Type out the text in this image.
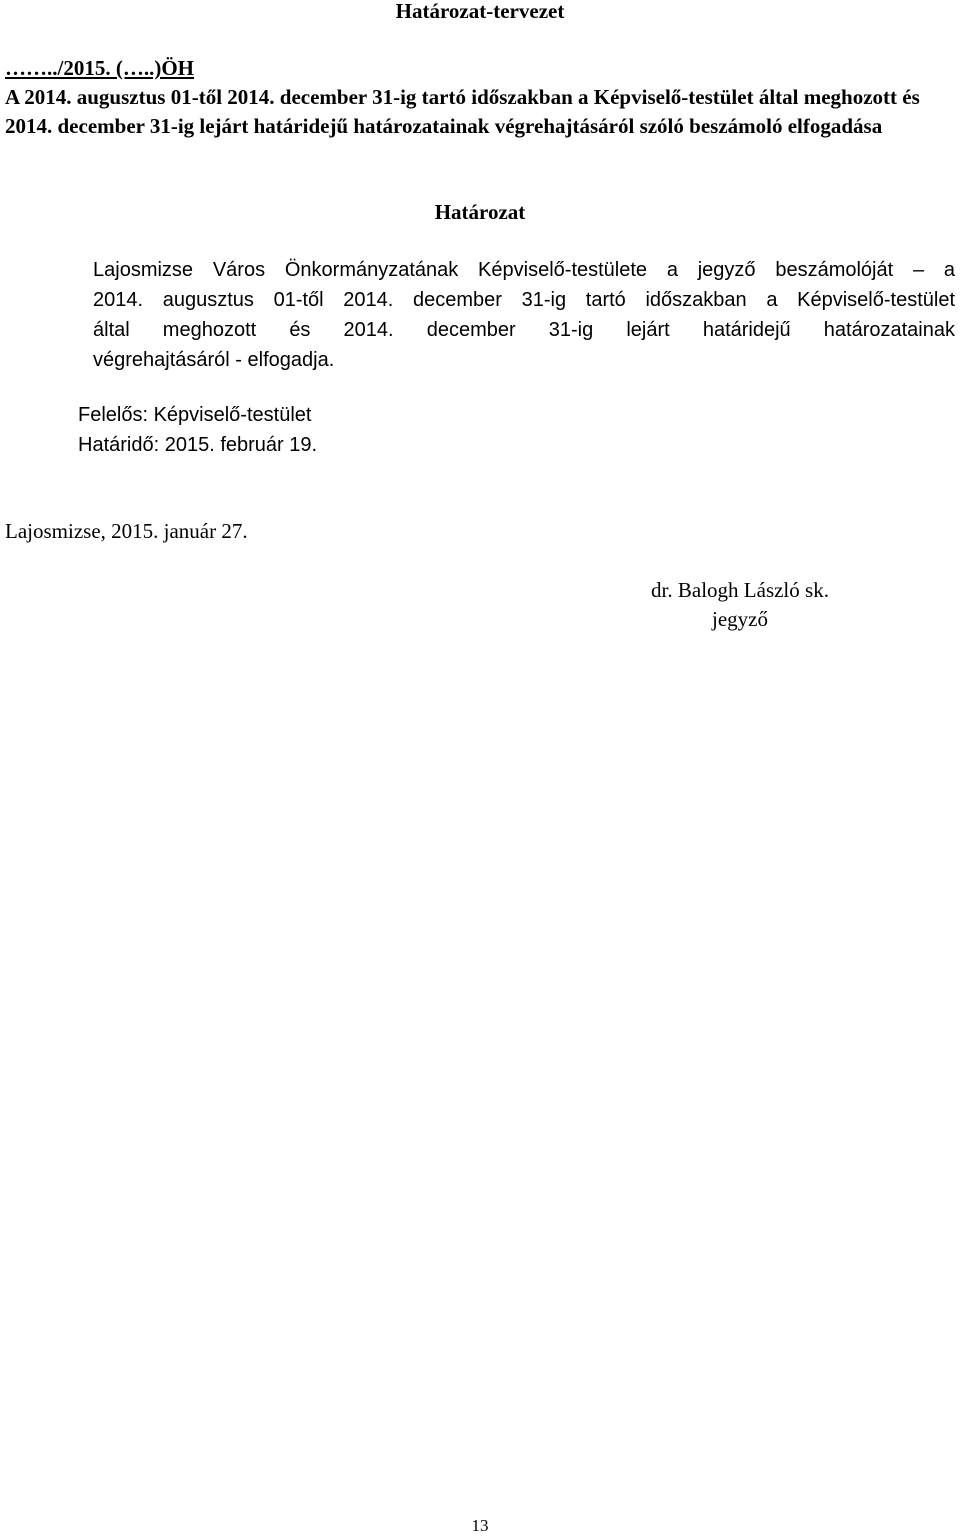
Határozat-tervezet
……../2015. (…..)ÖH
A 2014. augusztus 01-től 2014. december 31-ig tartó időszakban a Képviselő-testület által meghozott és 2014. december 31-ig lejárt határidejű határozatainak végrehajtásáról szóló beszámoló elfogadása
Határozat
Lajosmizse Város Önkormányzatának Képviselő-testülete a jegyző beszámolóját – a
2014. augusztus 01-től 2014. december 31-ig tartó időszakban a Képviselő-testület
által meghozott és 2014. december 31-ig lejárt határidejű határozatainak
végrehajtásáról - elfogadja.
Felelős: Képviselő-testület
Határidő: 2015. február 19.
Lajosmizse, 2015. január 27.
dr. Balogh László sk.
jegyző
13
